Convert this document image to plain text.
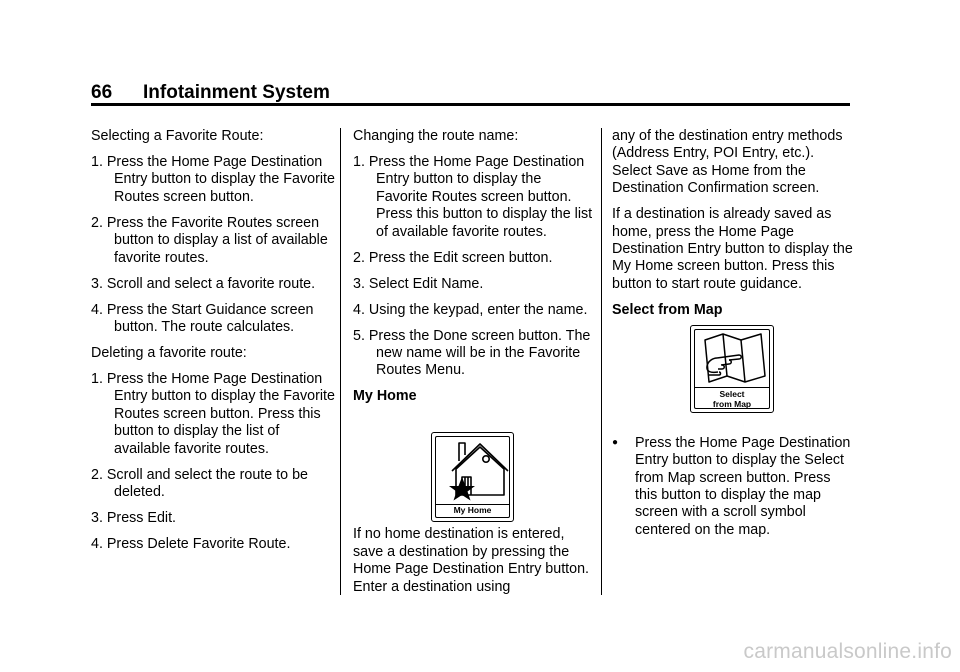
66 Infotainment System

Selecting a Favorite Route:

1. Press the Home Page Destination Entry button to display the Favorite Routes screen button.
2. Press the Favorite Routes screen button to display a list of available favorite routes.
3. Scroll and select a favorite route.
4. Press the Start Guidance screen button. The route calculates.

Deleting a favorite route:

1. Press the Home Page Destination Entry button to display the Favorite Routes screen button. Press this button to display the list of available favorite routes.
2. Scroll and select the route to be deleted.
3. Press Edit.
4. Press Delete Favorite Route.

Changing the route name:

1. Press the Home Page Destination Entry button to display the Favorite Routes screen button. Press this button to display the list of available favorite routes.
2. Press the Edit screen button.
3. Select Edit Name.
4. Using the keypad, enter the name.
5. Press the Done screen button. The new name will be in the Favorite Routes Menu.
My Home

If no home destination is entered, save a destination by pressing the Home Page Destination Entry button. Enter a destination using

My Home

any of the destination entry methods (Address Entry, POI Entry, etc.). Select Save as Home from the Destination Confirmation screen.

If a destination is already saved as home, press the Home Page Destination Entry button to display the My Home screen button. Press this button to start route guidance.

Select from Map
● Press the Home Page Destination Entry button to display the Select from Map screen button. Press this button to display the map screen with a scroll symbol centered on the map.
Select
from Map
carmanualsonline.info
